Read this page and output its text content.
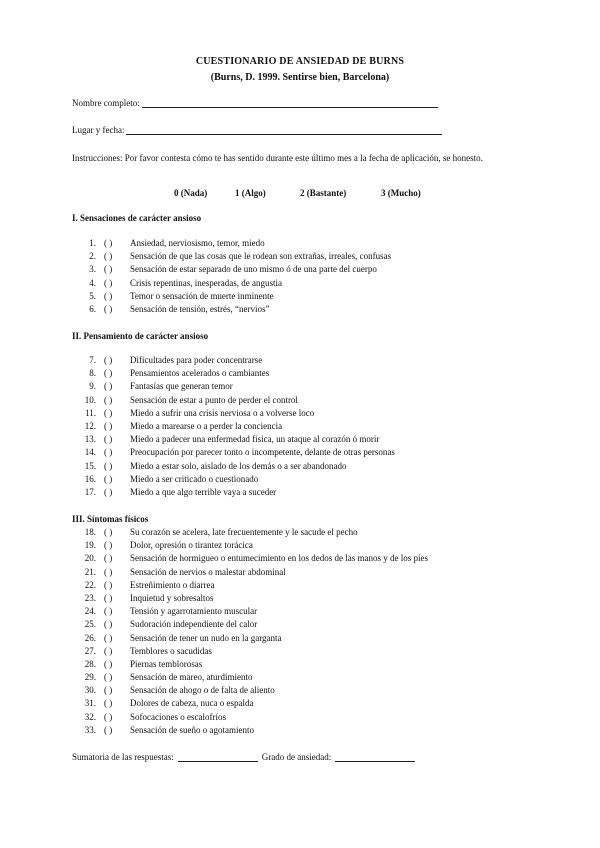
CUESTIONARIO DE ANSIEDAD DE BURNS
(Burns, D. 1999. Sentirse bien, Barcelona)
Nombre completo:
Lugar y fecha:
Instrucciones: Por favor contesta cómo te has sentido durante este último mes a la fecha de aplicación, se honesto.
0 (Nada)	1 (Algo)	2 (Bastante)	3 (Mucho)
I. Sensaciones de carácter ansioso
1. ( )	Ansiedad, nerviosismo, temor, miedo
2. ( )	Sensación de que las cosas que le rodean son extrañas, irreales, confusas
3. ( )	Sensación de estar separado de uno mismo ó de una parte del cuerpo
4. ( )	Crisis repentinas, inesperadas, de angustia
5. ( )	Temor o sensación de muerte inminente
6. ( )	Sensación de tensión, estrés, “nervios”
II. Pensamiento de carácter ansioso
7. ( )	Dificultades para poder concentrarse
8. ( )	Pensamientos acelerados o cambiantes
9. ( )	Fantasías que generan temor
10. ( )	Sensación de estar a punto de perder el control
11. ( )	Miedo a sufrir una crisis nerviosa o a volverse loco
12. ( )	Miedo a marearse o a perder la conciencia
13. ( )	Miedo a padecer una enfermedad física, un ataque al corazón ó morir
14. ( )	Preocupación por parecer tonto o incompetente, delante de otras personas
15. ( )	Miedo a estar solo, aislado de los demás o a ser abandonado
16. ( )	Miedo a ser criticado o cuestionado
17. ( )	Miedo a que algo terrible vaya a suceder
III. Síntomas físicos
18. ( )	Su corazón se acelera, late frecuentemente y le sacude el pecho
19. ( )	Dolor, opresión o tirantez torácica
20. ( )	Sensación de hormigueo o entumecimiento en los dedos de las manos y de los pies
21. ( )	Sensación de nervios o malestar abdominal
22. ( )	Estreñimiento o diarrea
23. ( )	Inquietud y sobresaltos
24. ( )	Tensión y agarrotamiento muscular
25. ( )	Sudoración independiente del calor
26. ( )	Sensación de tener un nudo en la garganta
27. ( )	Temblores o sacudidas
28. ( )	Piernas temblorosas
29. ( )	Sensación de mareo, aturdimiento
30. ( )	Sensación de ahogo o de falta de aliento
31. ( )	Dolores de cabeza, nuca o espalda
32. ( )	Sofocaciones o escalofríos
33. ( )	Sensación de sueño o agotamiento
Sumatoria de las respuestas:	Grado de ansiedad:
